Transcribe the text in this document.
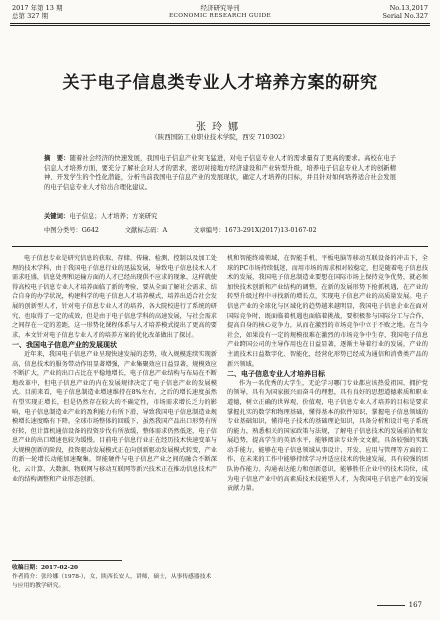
2017 年第 13 期
总第 327 期
经济研究导刊
ECONOMIC RESEARCH GUIDE
No.13,2017
Serial No.327
关于电子信息类专业人才培养方案的研究
张玲娜
（陕西国防工业职业技术学院，西安 710302）
摘　要：随着社会经济的快速发展，我国电子信息产业突飞猛进，对电子信息专业人才的需求量有了更高的要求。高校在电子信息人才培养方面，要充分了解社会对人才的需求，密切对接地方经济建设和产业转型升级，培养电子信息专业人才的创新精神、开发学生的个性化潜能，分析当前我国电子信息产业的发展现状，确定人才培养的目标，并且针对如何培养适合社会发展的电子信息专业人才给出合理化建议。
关键词：电子信息；人才培养；方案研究
中图分类号：G642	文献标志码：A	文章编号：1673-291X(2017)13-0167-02

电子信息专业是研究信息的获取、存储、传输、检测、控制以及加工处理的技术学科，由于我国电子信息行业的迅猛发展，导致电子信息技术人才需求旺盛，信息处理和运输方面的人才已经出现供不应求的现象，这样就使得高校电子信息专业人才培养面临了新的考验，要从全面了解社会需求、结合自身的办学状况，构建科学的电子信息人才培养模式，培养出适合社会发展的创新型人才，针对电子信息专业人才的培养，各大院校进行了系统的研究，也取得了一定的成效，但是由于电子信息学科的高速发展，与社会需求之间存在一定的差距，这一形势化课程体系与人才培养模式提出了更高的要求，本文针对电子信息专业人才的培养方案的优化改革做出了探讨。

一、我国电子信息产业的发展现状

近年来，我国电子信息产业呈现快速发展的态势，收入规模连续实现新高，信息技术的服务带动作用显著增强，产业集聚效应日益显著，规模效应不断扩大，产业的出口占比在平稳地增长，电子信息产业结构与布局在不断地改革中，但电子信息产业的内在发展规律决定了电子信息产业的发展模式。目前来看，电子信息制造业增速维持在8%左右，之后的增长速度虽然有望实现正增长，但是仍然存在较大的不确定性，市场需求增长乏力的影响，电子信息制造业产业的盈利能力有所下滑，导致我国电子信息制造业规模增长速度略有下降。全球市场整体的回暖下，虽然我国产品出口形势有所好转，但计算机通信设备的投资步伐有所放缓，整体需求仍然低迷，电子信息产业的出口增速也较为缓慢。目前电子信息行业正在经历技术快速变革与大规模创新的阶段，投资驱动发展模式正在向创新驱动发展模式转变，产业的新一轮增长动能加速聚集，智能硬件与电子信息产业之间的融合不断深化，云计算、大数据、物联网与移动互联网等新兴技术正在推动信息技术产业的结构调整和产业形态创新。

机和智能终端领域，在智能手机、平板电脑等移动互联设备的冲击下，全球的PC市场持续低迷，而用市场的需求相对较稳定，但是随着电子信息技术的发展，我国电子信息制造业要想在国际市场上保持竞争优势，就必须加快技术创新和产业结构的调整，在新的发展形势下抢抓机遇，在产业的转型升级过程中寻找新的增长点，实现电子信息产业的高质量发展。电子信息产业的全球化与区域化的趋势越来越明显，我国电子信息企业在面对国际竞争时，既面临着机遇也面临着挑战，要积极参与国际分工与合作，提高自身的核心竞争力，从而在激烈的市场竞争中立于不败之地。在当今社会，如果没有一定的规模很难在激烈的市场竞争中生存，我国电子信息产业跨国公司的主导作用也在日益显著，逐渐主导着行业的发展，产业的主流技术日益数字化、智能化，经营化形势已经成为通信和消费类产品的新兴领域。

二、电子信息专业人才培养目标

作为一名优秀的大学生，无论学习哪门专业都应该热爱祖国、拥护党的领导，具有为国家振兴而奋斗的理想，具有良好的思想道德素质和职业道德，树立正确的世界观、价值观，电子信息专业人才培养的目标是要求掌握扎实的数学和物理基础，懂得基本的软件知识，掌握电子信息领域的专业基础知识，懂得电子技术的基础理论知识，具备分析和设计电子系统的能力，熟悉相关的国家政策与法规，了解电子信息技术的发展前沿和发展趋势，提高学生的英语水平，能够阅读专业外文文献，具备较强的实践动手能力，能够在电子信息领域从事设计、开发、应用与管理等方面的工作，在未来的工作中能够持续学习并适应技术的快速发展，具有较强的团队协作能力、沟通表达能力和创新意识，能够胜任企业中的技术岗位，成为电子信息产业中的高素质技术技能型人才，为我国电子信息产业的发展贡献力量。

收稿日期：2017-02-20
作者简介：张玲娜（1978-），女，陕西长安人，讲师，硕士，从事传感器技术与应用的教学研究。
167
